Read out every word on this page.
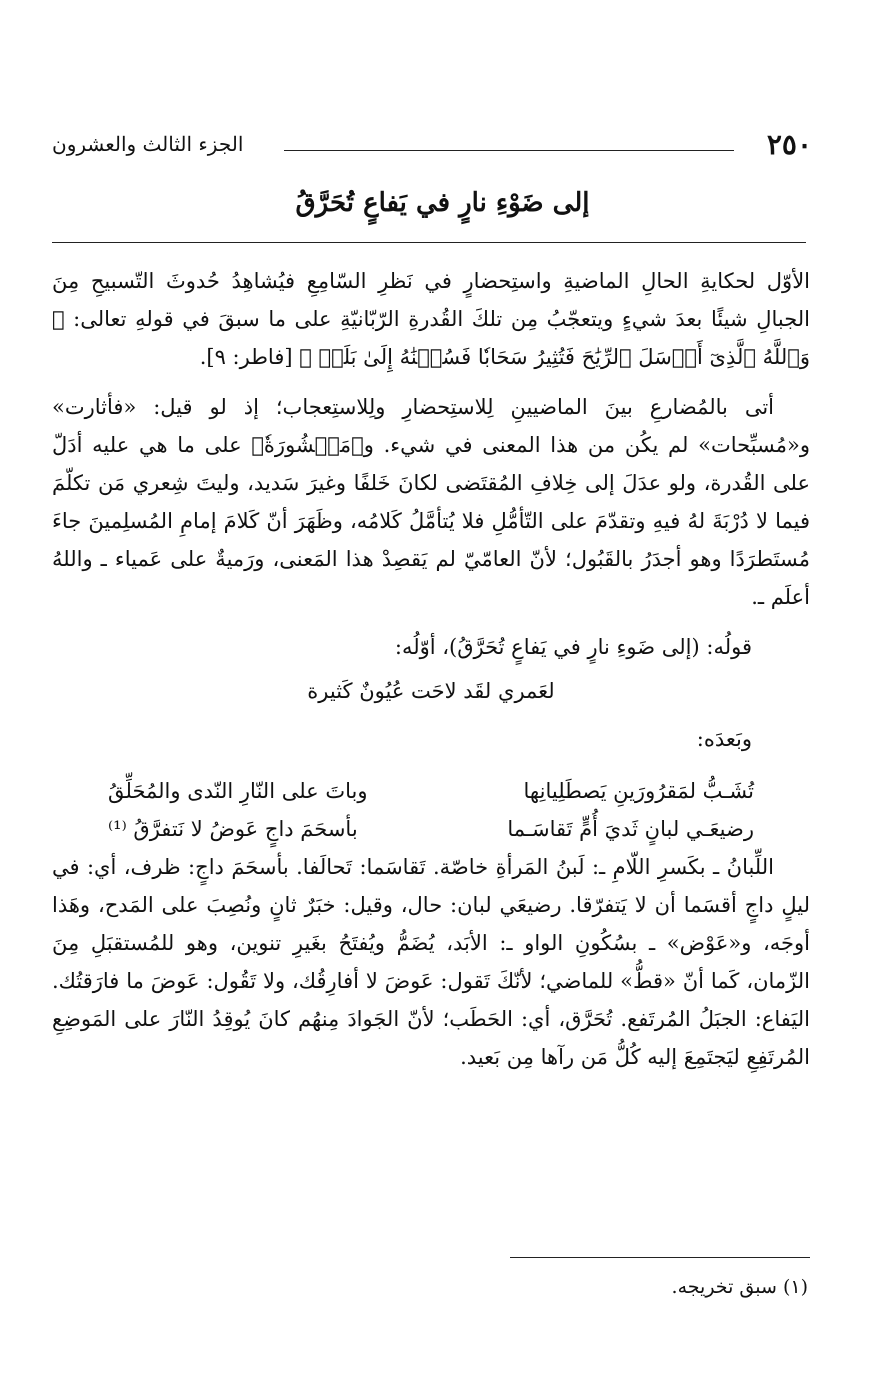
٢٥٠
الجزء الثالث والعشرون
إلى ضَوْءِ نارٍ في يَفاعٍ تُحَرَّقُ

الأوّل لحكايةِ الحالِ الماضيةِ واستِحضارٍ في نَظرِ السّامِعِ فيُشاهِدُ حُدوثَ التّسبيحِ مِنَ الجبالِ شيئًا بعدَ شيءٍ ويتعجّبُ مِن تلكَ القُدرةِ الرّبّانيّةِ على ما سبقَ في قولهِ تعالى: ﴿ وَٱللَّهُ ٱلَّذِىٓ أَرۡسَلَ ٱلرِّيَٰحَ فَتُثِيرُ سَحَابٗا فَسُقۡنَٰهُ إِلَىٰ بَلَدٖ ﴾ [فاطر: ٩].

أتى بالمُضارعِ بينَ الماضيينِ لِلاستِحضارِ ولِلاستِعجاب؛ إذ لو قيل: «فأثارت» و«مُسبِّحات» لم يكُن من هذا المعنى في شيء. و﴿مَحۡشُورَةٗ﴾ على ما هي عليه أدَلّ على القُدرة، ولو عدَلَ إلى خِلافِ المُقتَضى لكانَ خَلفًا وغيرَ سَديد، وليتَ شِعري مَن تكلّمَ فيما لا دُرْبَةَ لهُ فيهِ وتقدّمَ على التّأمُّلِ فلا يُتأمَّلُ كَلامُه، وظَهَرَ أنّ كَلامَ إمامِ المُسلِمينَ جاءَ مُستَطرَدًا وهو أجدَرُ بالقَبُول؛ لأنّ العامّيّ لم يَقصِدْ هذا المَعنى، ورَميةٌ على عَمياء ـ واللهُ أعلَم ـ.

قولُه: (إلى ضَوءِ نارٍ في يَفاعٍ تُحَرَّقُ)، أوّلُه:
لعَمري لقَد لاحَت عُيُونٌ كَثيرة
وبَعدَه:
تُشَـبُّ لمَقرُورَينِ يَصطَلِيانِها
وباتَ على النّارِ النّدى والمُحَلِّقُ
رضيعَـي لبانٍ ثَديَ أُمٍّ تَقاسَـما
بأسحَمَ داجٍ عَوضُ لا نَتفرَّقُ ⁽¹⁾

اللِّبانُ ـ بكَسرِ اللّامِ ـ: لَبنُ المَرأةِ خاصّة. تَقاسَما: تَحالَفا. بأسحَمَ داجٍ: ظرف، أي: في ليلٍ داجٍ أقسَما أن لا يَتفرّقا. رضيعَي لبان: حال، وقيل: خبَرٌ ثانٍ ونُصِبَ على المَدح، وهَذا أوجَه، و«عَوْض» ـ بسُكُونِ الواو ـ: الأبَد، يُضَمُّ ويُفتَحُ بغَيرِ تنوين، وهو للمُستقبَلِ مِنَ الزّمان، كَما أنّ «قطُّ» للماضي؛ لأنّكَ تَقول: عَوضَ لا أفارِقُك، ولا تَقُول: عَوضَ ما فارَقتُك. اليَفاع: الجبَلُ المُرتَفع. تُحَرَّق، أي: الحَطَب؛ لأنّ الجَوادَ مِنهُم كانَ يُوقِدُ النّارَ على المَوضِعِ المُرتَفِعِ ليَجتَمِعَ إليه كُلُّ مَن رآها مِن بَعيد.

(١) سبق تخريجه.
